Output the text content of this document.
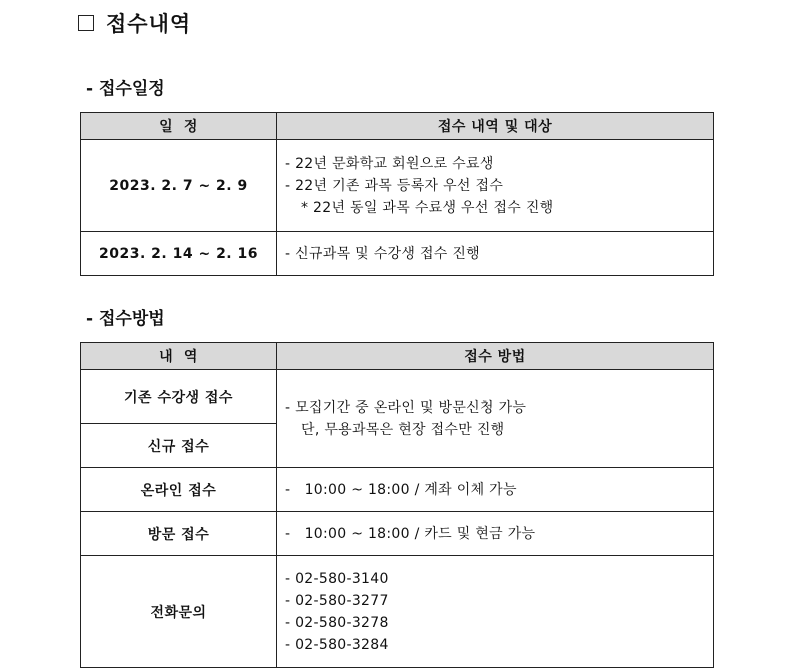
접수내역
- 접수일정
일  정	접수 내역 및 대상
2023. 2. 7 ~ 2. 9	- 22년 문화학교 회원으로 수료생
- 22년 기존 과목 등록자 우선 접수
* 22년 동일 과목 수료생 우선 접수 진행

2023. 2. 14 ~ 2. 16	- 신규과목 및 수강생 접수 진행
- 접수방법
내  역	접수 방법
기존 수강생 접수	- 모집기간 중 온라인 및 방문신청 가능
단, 무용과목은 현장 접수만 진행

신규 접수	
온라인 접수	-   10:00 ~ 18:00 / 계좌 이체 가능

방문 접수	-   10:00 ~ 18:00 / 카드 및 현금 가능

전화문의	- 02-580-3140
- 02-580-3277
- 02-580-3278
- 02-580-3284
